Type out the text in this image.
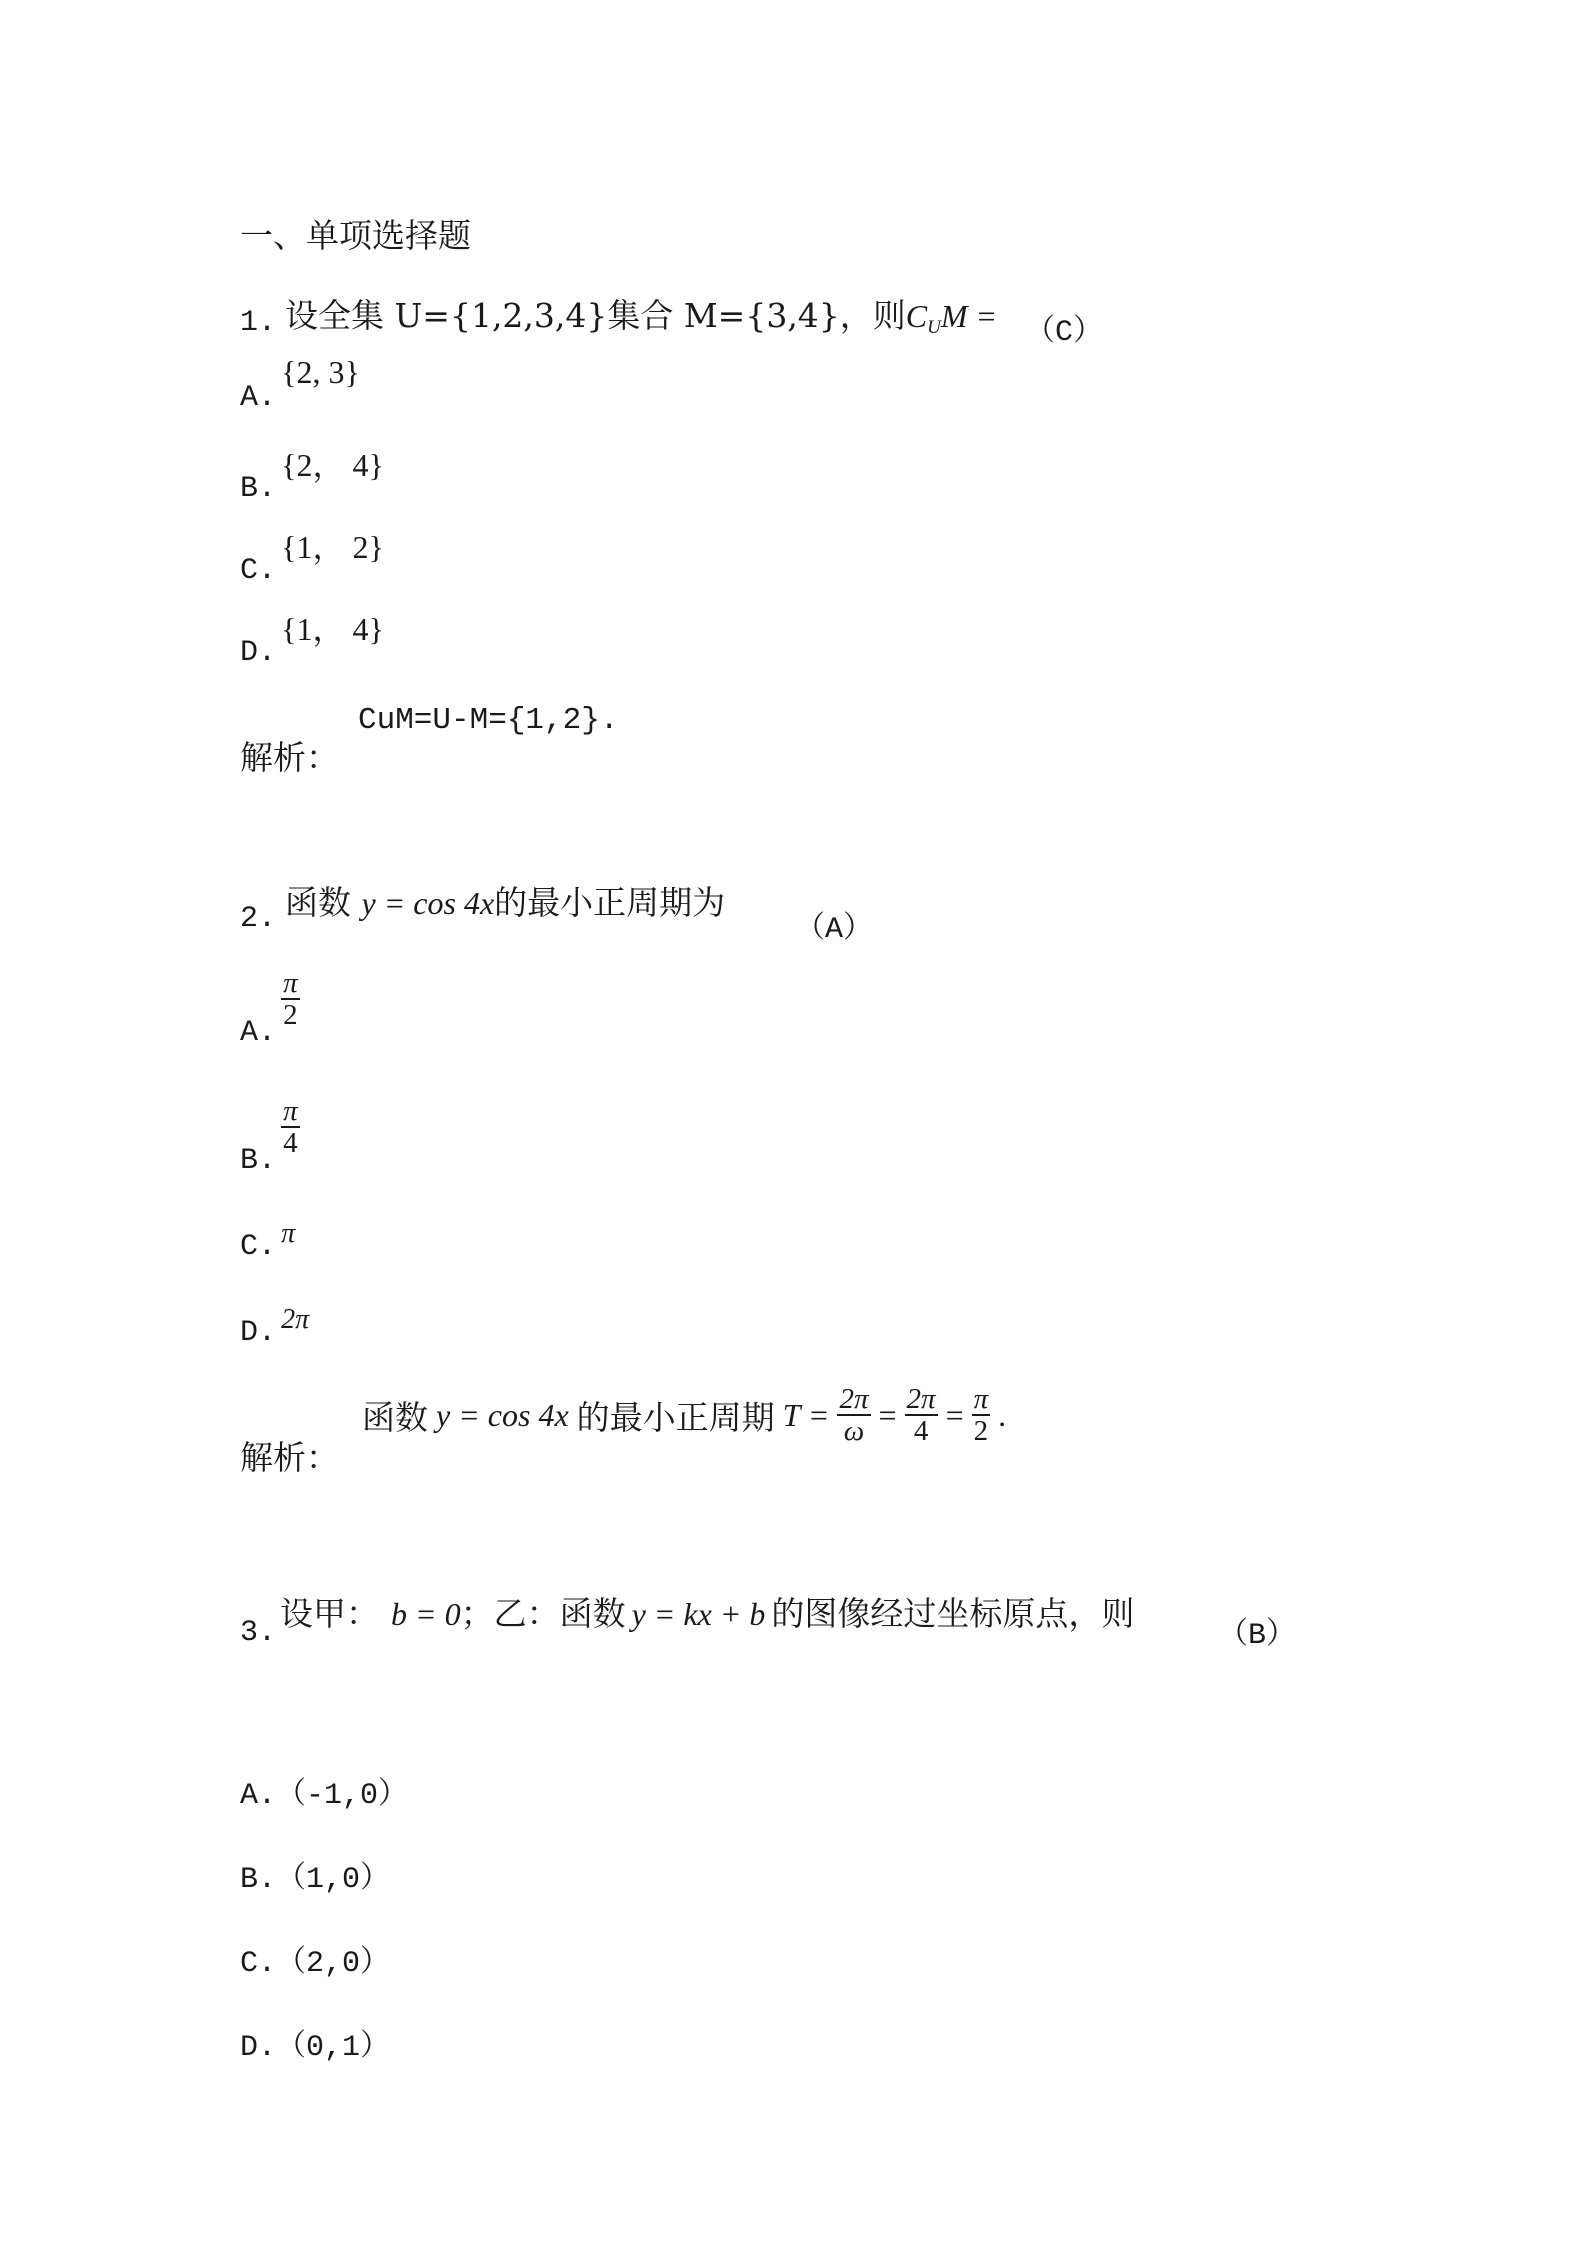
一、单项选择题
1. 设全集 U={1,2,3,4}集合 M={3,4}，则$C_UM = (C)$
A. {2, 3}
B. {2， 4}
C. {1， 2}
D. {1， 4}
解析：
CuM=U-M={1,2}.
2. 函数 y = cos 4x的最小正周期为
（A）
A.
$\frac{\pi}{2}$
B.
$\frac{\pi}{4}$
C. π
D. 2π
解析：
函数 y = cos 4x 的最小正周期 $T = \frac{2\pi}{\omega} = \frac{2\pi}{4} = \frac{\pi}{2}$ .
3. 设甲： b = 0；乙：函数 y = kx + b 的图像经过坐标原点，则
（B）
A.（-1,0）
B.（1,0）
C.（2,0）
D.（0,1）
